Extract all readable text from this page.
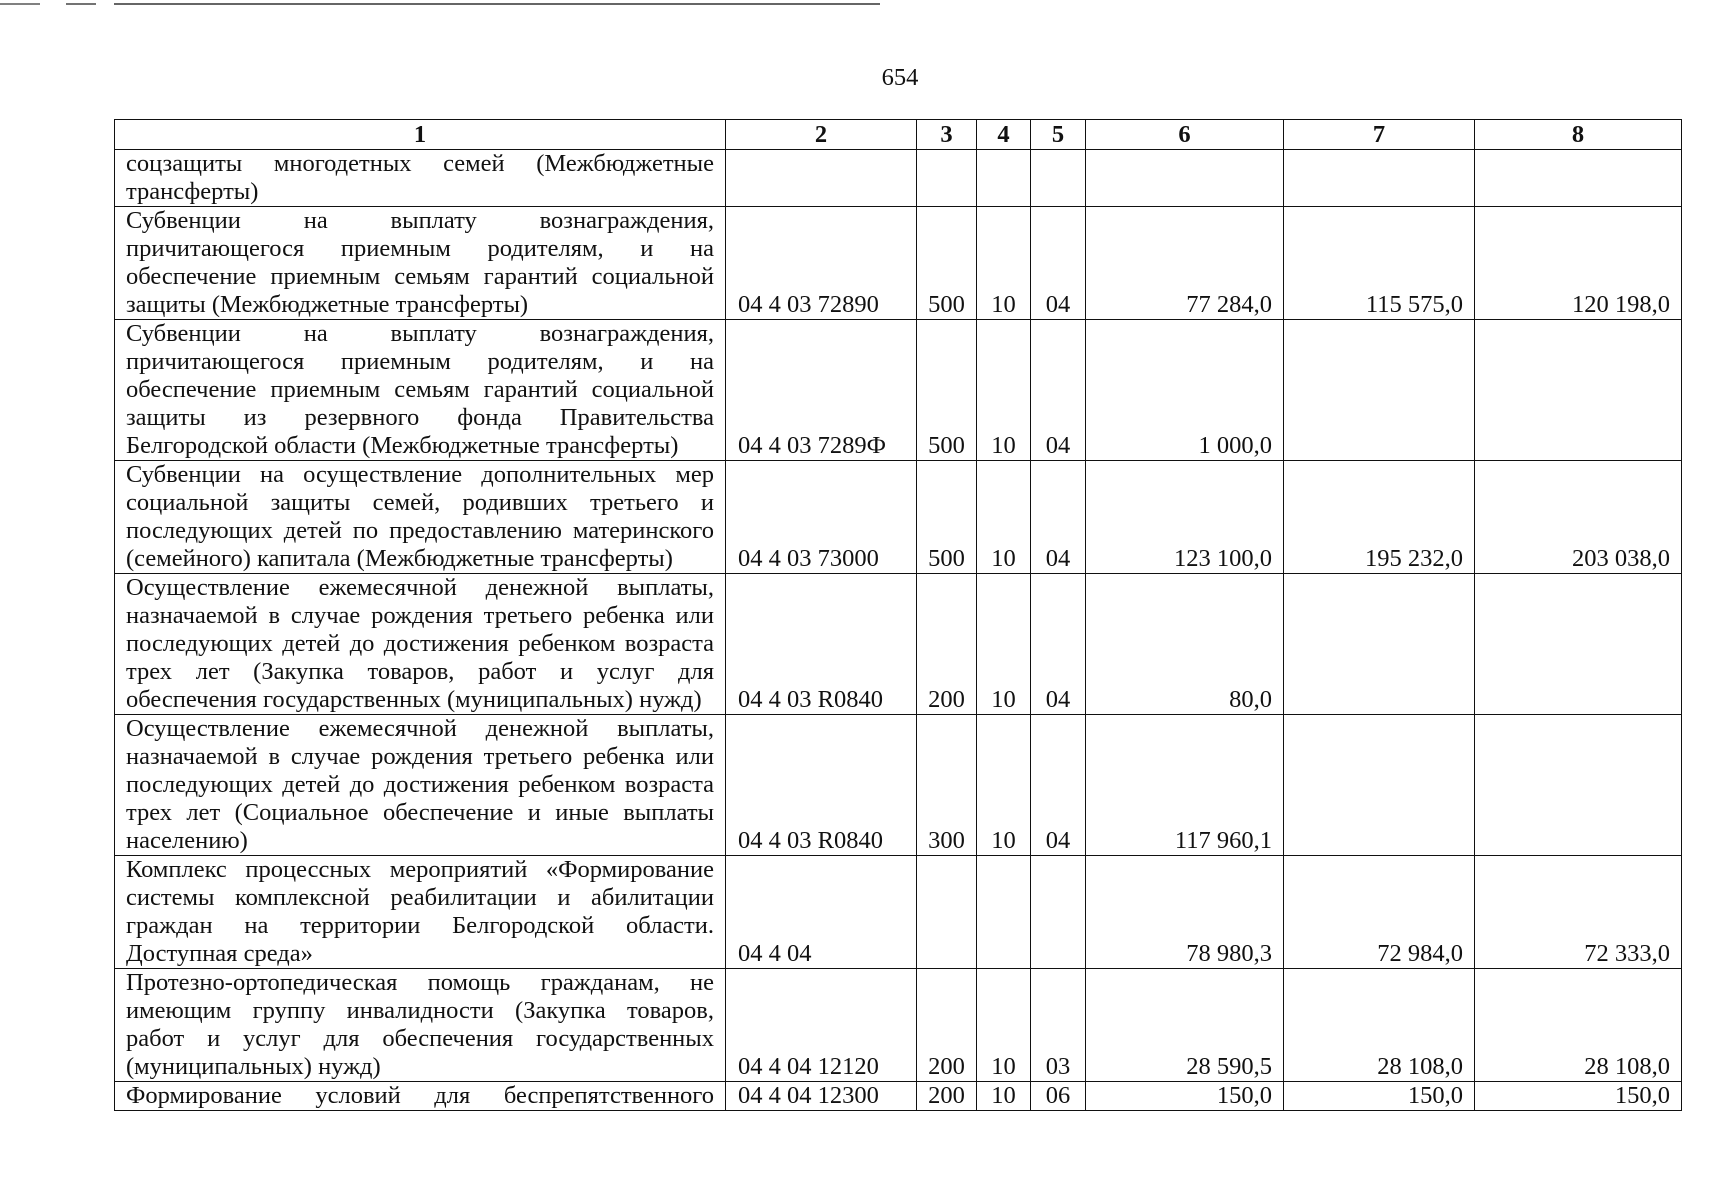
654
1	2	3	4	5	6	7	8

соцзащиты многодетных семей (Межбюджетные
трансферты)							

Субвенции на выплату вознаграждения,
причитающегося приемным родителям, и на
обеспечение приемным семьям гарантий социальной
защиты (Межбюджетные трансферты)	04 4 03 72890	500	10	04	77 284,0	115 575,0	120 198,0

Субвенции на выплату вознаграждения,
причитающегося приемным родителям, и на
обеспечение приемным семьям гарантий социальной
защиты из резервного фонда Правительства
Белгородской области (Межбюджетные трансферты)	04 4 03 7289Ф	500	10	04	1 000,0		

Субвенции на осуществление дополнительных мер
социальной защиты семей, родивших третьего и
последующих детей по предоставлению материнского
(семейного) капитала (Межбюджетные трансферты)	04 4 03 73000	500	10	04	123 100,0	195 232,0	203 038,0

Осуществление ежемесячной денежной выплаты,
назначаемой в случае рождения третьего ребенка или
последующих детей до достижения ребенком возраста
трех лет (Закупка товаров, работ и услуг для
обеспечения государственных (муниципальных) нужд)	04 4 03 R0840	200	10	04	80,0		

Осуществление ежемесячной денежной выплаты,
назначаемой в случае рождения третьего ребенка или
последующих детей до достижения ребенком возраста
трех лет (Социальное обеспечение и иные выплаты
населению)	04 4 03 R0840	300	10	04	117 960,1		

Комплекс процессных мероприятий «Формирование
системы комплексной реабилитации и абилитации
граждан на территории Белгородской области.
Доступная среда»	04 4 04				78 980,3	72 984,0	72 333,0

Протезно-ортопедическая помощь гражданам, не
имеющим группу инвалидности (Закупка товаров,
работ и услуг для обеспечения государственных
(муниципальных) нужд)	04 4 04 12120	200	10	03	28 590,5	28 108,0	28 108,0

Формирование условий для беспрепятственного	04 4 04 12300	200	10	06	150,0	150,0	150,0
